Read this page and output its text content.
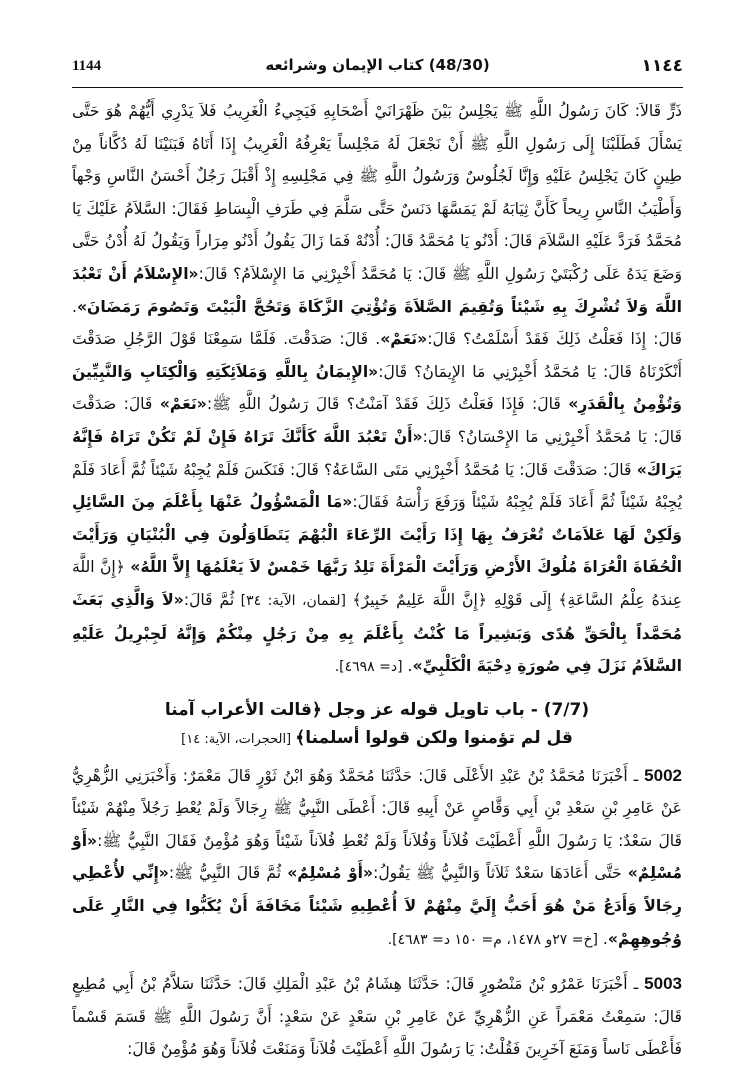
1144	(48/30) كتاب الإيمان وشرائعه	١١٤٤

ذَرٍّ قَالاَ: كَانَ رَسُولُ اللَّهِ ﷺ يَجْلِسُ بَيْنَ ظَهْرَانَيْ أَصْحَابِهِ فَيَجِيءُ الْغَرِيبُ فَلاَ يَدْرِي أَيُّهُمْ هُوَ حَتَّى يَسْأَلَ فَطَلَبْنَا إِلَى رَسُولِ اللَّهِ ﷺ أَنْ نَجْعَلَ لَهُ مَجْلِساً يَعْرِفُهُ الْغَرِيبُ إِذَا أَتَاهُ فَبَنَيْنَا لَهُ دُكَّاناً مِنْ طِينٍ كَانَ يَجْلِسُ عَلَيْهِ وَإِنَّا لَجُلُوسٌ وَرَسُولُ اللَّهِ ﷺ فِي مَجْلِسِهِ إِذْ أَقْبَلَ رَجُلٌ أَحْسَنُ النَّاسِ وَجْهاً وَأَطْيَبُ النَّاسِ رِيحاً كَأَنَّ ثِيَابَهُ لَمْ يَمَسَّهَا دَنَسٌ حَتَّى سَلَّمَ فِي طَرَفِ الْبِسَاطِ فَقَالَ: السَّلاَمُ عَلَيْكَ يَا مُحَمَّدُ فَرَدَّ عَلَيْهِ السَّلاَمَ قَالَ: أَدْنُو يَا مُحَمَّدُ قَالَ: أُدْنُهْ فَمَا زَالَ يَقُولُ أَدْنُو مِرَاراً وَيَقُولُ لَهُ أُدْنُ حَتَّى وَضَعَ يَدَهُ عَلَى رُكْبَتَيْ رَسُولِ اللَّهِ ﷺ قَالَ: يَا مُحَمَّدُ أَخْبِرْنِي مَا الإِسْلاَمُ؟ قَالَ:«الإِسْلاَمُ أَنْ تَعْبُدَ اللَّهَ وَلاَ تُشْرِكَ بِهِ شَيْئاً وَتُقِيمَ الصَّلاَةَ وَتُؤْتِيَ الزَّكَاةَ وَتَحُجَّ الْبَيْتَ وَتَصُومَ رَمَضَانَ». قَالَ: إِذَا فَعَلْتُ ذَلِكَ فَقَدْ أَسْلَمْتُ؟ قَالَ:«نَعَمْ». قَالَ: صَدَقْتَ. فَلَمَّا سَمِعْنَا قَوْلَ الرَّجُلِ صَدَقْتَ أَنْكَرْنَاهُ قَالَ: يَا مُحَمَّدُ أَخْبِرْنِي مَا الإِيمَانُ؟ قَالَ:«الإِيمَانُ بِاللَّهِ وَمَلاَئِكَتِهِ وَالْكِتَابِ وَالنَّبِيِّينَ وَتُؤْمِنُ بِالْقَدَرِ» قَالَ: فَإِذَا فَعَلْتُ ذَلِكَ فَقَدْ آمَنْتُ؟ قَالَ رَسُولُ اللَّهِ ﷺ:«نَعَمْ» قَالَ: صَدَقْتَ قَالَ: يَا مُحَمَّدُ أَخْبِرْنِي مَا الإِحْسَانُ؟ قَالَ:«أَنْ تَعْبُدَ اللَّهَ كَأَنَّكَ تَرَاهُ فَإِنْ لَمْ تَكُنْ تَرَاهُ فَإِنَّهُ يَرَاكَ» قَالَ: صَدَقْتَ قَالَ: يَا مُحَمَّدُ أَخْبِرْنِي مَتَى السَّاعَةُ؟ قَالَ: فَنَكَسَ فَلَمْ يُجِبْهُ شَيْئاً ثُمَّ أَعَادَ فَلَمْ يُجِبْهُ شَيْئاً ثُمَّ أَعَادَ فَلَمْ يُجِبْهُ شَيْئاً وَرَفَعَ رَأْسَهُ فَقَالَ:«مَا الْمَسْؤُولُ عَنْهَا بِأَعْلَمَ مِنَ السَّائِلِ وَلَكِنْ لَهَا عَلاَمَاتٌ تُعْرَفُ بِهَا إِذَا رَأَيْتَ الرِّعَاءَ الْبُهْمَ يَتَطَاوَلُونَ فِي الْبُنْيَانِ وَرَأَيْتَ الْحُفَاةَ الْعُرَاةَ مُلُوكَ الأَرْضِ وَرَأَيْتَ الْمَرْأَةَ تَلِدُ رَبَّهَا خَمْسٌ لاَ يَعْلَمُهَا إِلاَّ اللَّهُ» ﴿إِنَّ اللَّهَ عِندَهُ عِلْمُ السَّاعَةِ﴾ إِلَى قَوْلِهِ ﴿إِنَّ اللَّهَ عَلِيمٌ خَبِيرٌ﴾ [لقمان، الآية: ٣٤] ثُمَّ قَالَ:«لاَ وَالَّذِي بَعَثَ مُحَمَّداً بِالْحَقِّ هُدًى وَبَشِيراً مَا كُنْتُ بِأَعْلَمَ بِهِ مِنْ رَجُلٍ مِنْكُمْ وَإِنَّهُ لَجِبْرِيلُ عَلَيْهِ السَّلاَمُ نَزَلَ فِي صُورَةِ دِحْيَةَ الْكَلْبِيِّ». [د= ٤٦٩٨].

(7/7) - باب تاويل قوله عز وجل ﴿قالت الأعراب آمنا
قل لم تؤمنوا ولكن قولوا أسلمنا﴾ [الحجرات، الآية: ١٤]

5002 ـ أَخْبَرَنَا مُحَمَّدُ بْنُ عَبْدِ الأَعْلَى قَالَ: حَدَّثَنَا مُحَمَّدٌ وَهُوَ ابْنُ ثَوْرٍ قَالَ مَعْمَرٌ: وَأَخْبَرَنِي الزُّهْرِيُّ عَنْ عَامِرِ بْنِ سَعْدِ بْنِ أَبِي وَقَّاصٍ عَنْ أَبِيهِ قَالَ: أَعْطَى النَّبِيُّ ﷺ رِجَالاً وَلَمْ يُعْطِ رَجُلاً مِنْهُمْ شَيْئاً قَالَ سَعْدٌ: يَا رَسُولَ اللَّهِ أَعْطَيْتَ فُلاَناً وَفُلاَناً وَلَمْ تُعْطِ فُلاَناً شَيْئاً وَهُوَ مُؤْمِنٌ فَقَالَ النَّبِيُّ ﷺ:«أَوْ مُسْلِمٌ» حَتَّى أَعَادَهَا سَعْدٌ ثَلاَثاً وَالنَّبِيُّ ﷺ يَقُولُ:«أَوْ مُسْلِمٌ» ثُمَّ قَالَ النَّبِيُّ ﷺ:«إِنِّي لأُعْطِي رِجَالاً وَأَدَعُ مَنْ هُوَ أَحَبُّ إِلَيَّ مِنْهُمْ لاَ أُعْطِيهِ شَيْئاً مَخَافَةَ أَنْ يُكَبُّوا فِي النَّارِ عَلَى وُجُوهِهِمْ». [خ= ٢٧و ١٤٧٨، م= ١٥٠ د= ٤٦٨٣].

5003 ـ أَخْبَرَنَا عَمْرُو بْنُ مَنْصُورٍ قَالَ: حَدَّثَنَا هِشَامُ بْنُ عَبْدِ الْمَلِكِ قَالَ: حَدَّثَنَا سَلاَّمُ بْنُ أَبِي مُطِيعٍ قَالَ: سَمِعْتُ مَعْمَراً عَنِ الزُّهْرِيِّ عَنْ عَامِرِ بْنِ سَعْدٍ عَنْ سَعْدٍ: أَنَّ رَسُولَ اللَّهِ ﷺ قَسَمَ قَسْماً فَأَعْطَى نَاساً وَمَنَعَ آخَرِينَ فَقُلْتُ: يَا رَسُولَ اللَّهِ أَعْطَيْتَ فُلاَناً وَمَنَعْتَ فُلاَناً وَهُوَ مُؤْمِنٌ قَالَ:
